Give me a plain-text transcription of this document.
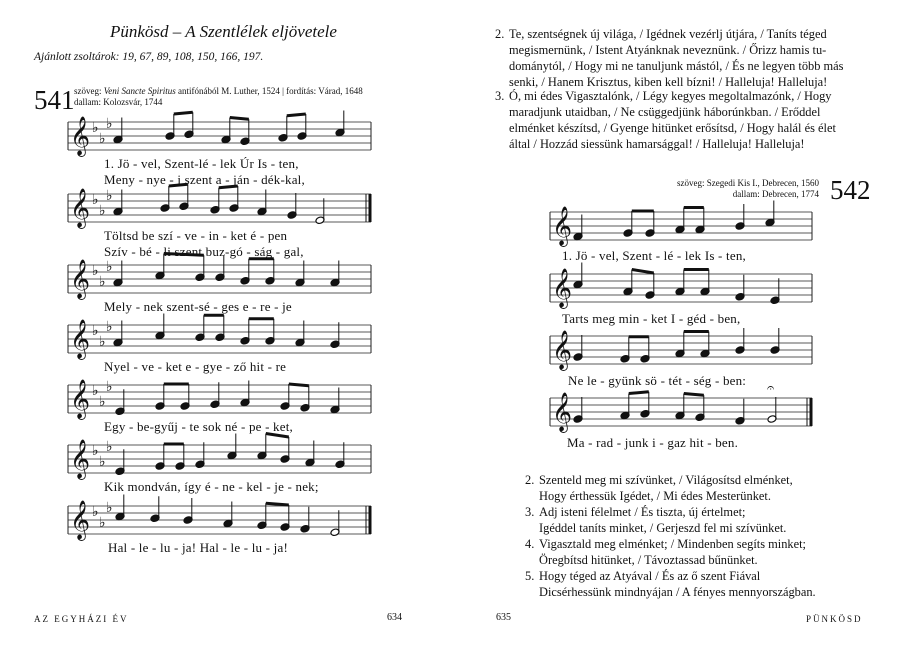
Pünkösd – A Szentlélek eljövetele
Ajánlott zsoltárok: 19, 67, 89, 108, 150, 166, 197.
541 szöveg: Veni Sancte Spiritus antifónából M. Luther, 1524 | fordítás: Várad, 1648
dallam: Kolozsvár, 1744
𝄞 ♭
♭
♭
𝄞 ♭
♭
♭
𝄞 ♭
♭
♭
𝄞 ♭
♭
♭
𝄞 ♭
♭
♭
𝄞 ♭
♭
♭
𝄞 ♭
♭
♭
1. Jö - vel, Szent-lé - lek Úr Is - ten,
Meny - nye - i szent a - ján - dék-kal,
Töltsd be szí - ve - in - ket é - pen
Szív - bé - li szent buz-gó - ság - gal,
Mely - nek szent-sé - ges e - re - je
Nyel - ve - ket e - gye - ző hit - re
Egy - be-gyűj - te sok né - pe - ket,
Kik mondván, így é - ne - kel - je - nek;
Hal - le - lu - ja! Hal - le - lu - ja!
2. Te, szentségnek új világa, / Igédnek vezérlj útjára, / Taníts téged
megismernünk, / Istent Atyánknak neveznünk. / Őrizz hamis tu-
dománytól, / Hogy mi ne tanuljunk mástól, / És ne legyen több más
senki, / Hanem Krisztus, kiben kell bízni! / Halleluja! Halleluja!
3. Ó, mi édes Vigasztalónk, / Légy kegyes megoltalmazónk, / Hogy
maradjunk utaidban, / Ne csüggedjünk háborúnkban. / Erőddel
elménket készítsd, / Gyenge hitünket erősítsd, / Hogy halál és élet
által / Hozzád siessünk hamarsággal! / Halleluja! Halleluja!
szöveg: Szegedi Kis I., Debrecen, 1560
dallam: Debrecen, 1774 542
𝄞
𝄞
𝄞
𝄞
𝄐
1. Jö - vel, Szent - lé - lek Is - ten,
Tarts meg min - ket I - géd - ben,
Ne le - gyünk sö - tét - ség - ben:
Ma - rad - junk i - gaz hit - ben.
2. Szenteld meg mi szívünket, / Világosítsd elménket,
Hogy érthessük Igédet, / Mi édes Mesterünket.
3. Adj isteni félelmet / És tiszta, új értelmet;
Igéddel taníts minket, / Gerjeszd fel mi szívünket.
4. Vigasztald meg elménket; / Mindenben segíts minket;
Öregbítsd hitünket, / Távoztassad bűnünket.
5. Hogy téged az Atyával / És az ő szent Fiával
Dicsérhessünk mindnyájan / A fényes mennyországban.
AZ EGYHÁZI ÉV	634	635	PÜNKÖSD
